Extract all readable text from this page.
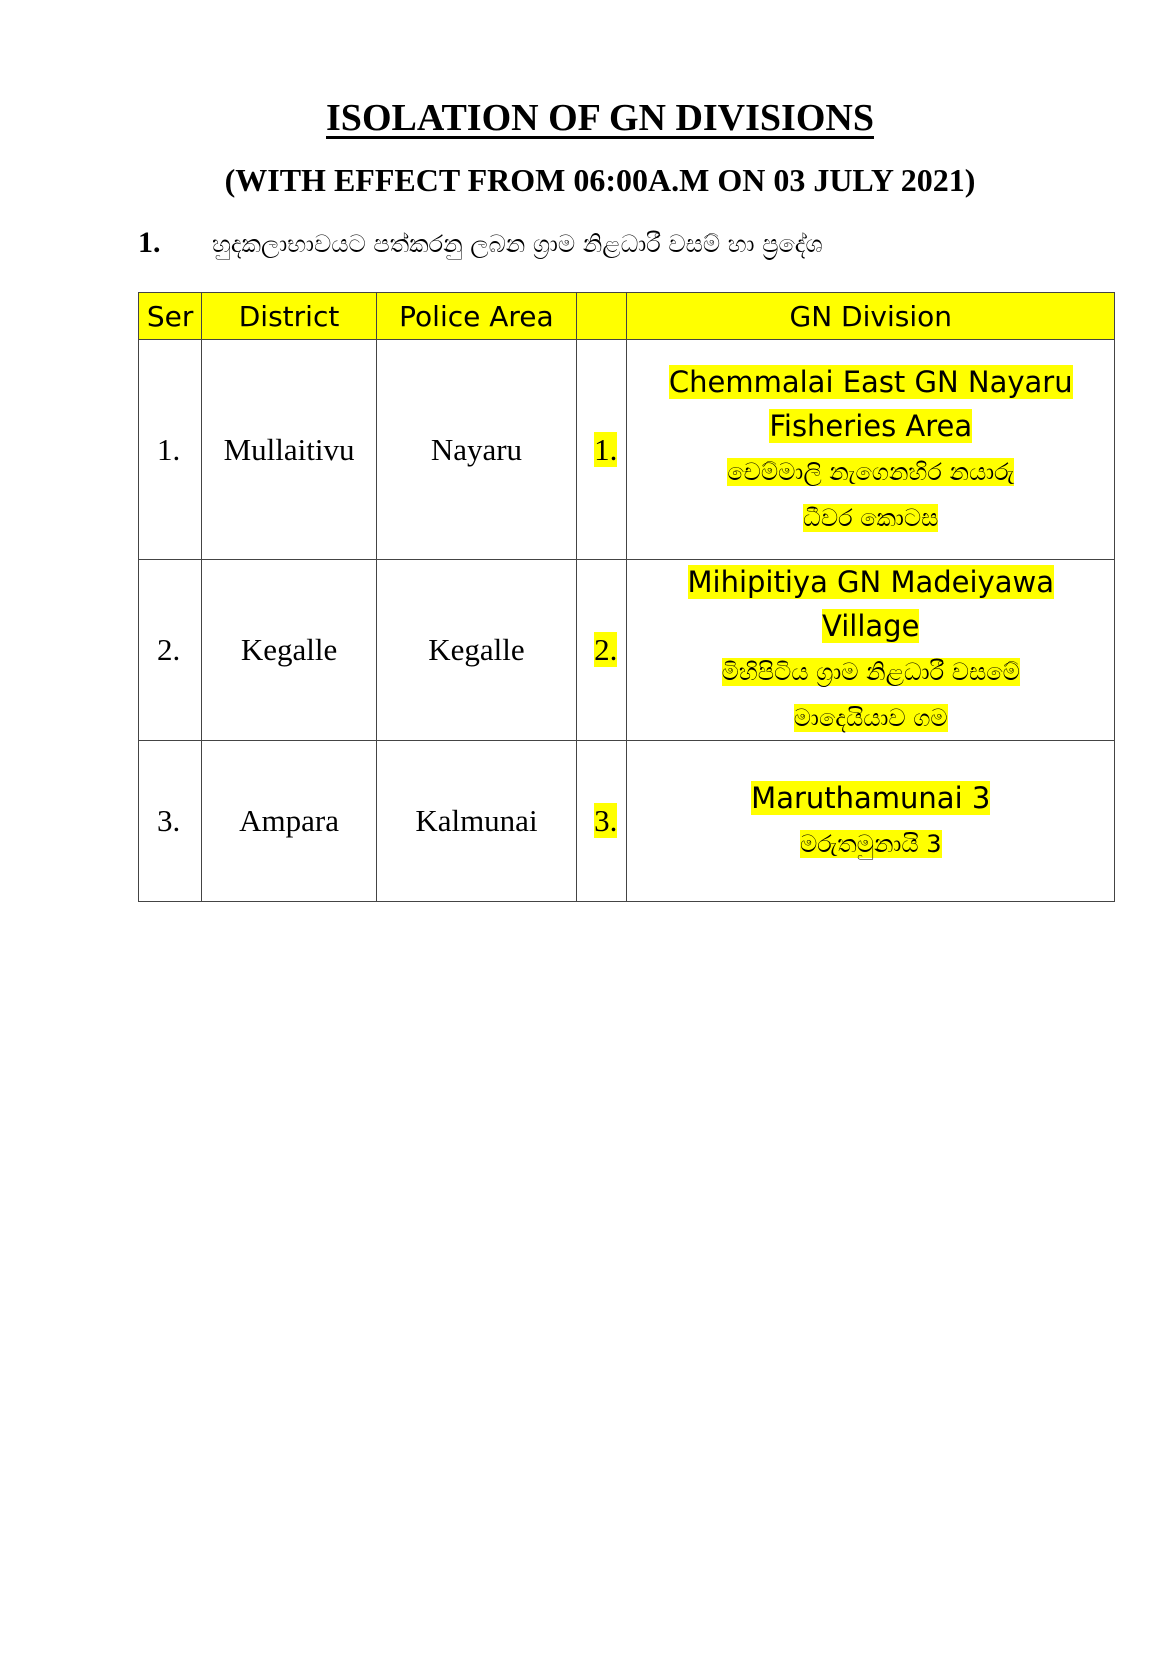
ISOLATION OF GN DIVISIONS
(WITH EFFECT FROM 06:00A.M ON 03 JULY 2021)
1.	හුදකලාභාවයට පත්කරනු ලබන ග්‍රාම නිළධාරී වසම් හා ප්‍රදේශ
Ser	District	Police Area		GN Division
1.	Mullaitivu	Nayaru	1.	Chemmalai East GN Nayaru
Fisheries Area
චෙම්මාලි නැගෙනහිර නයාරු
ධීවර කොටස

2.	Kegalle	Kegalle	2.	Mihipitiya GN Madeiyawa
Village
මිහිපිටිය ග්‍රාම නිළධාරී වසමේ
මාදෙයියාව ගම

3.	Ampara	Kalmunai	3.	Maruthamunai 3
මරුතමුනායි 3
